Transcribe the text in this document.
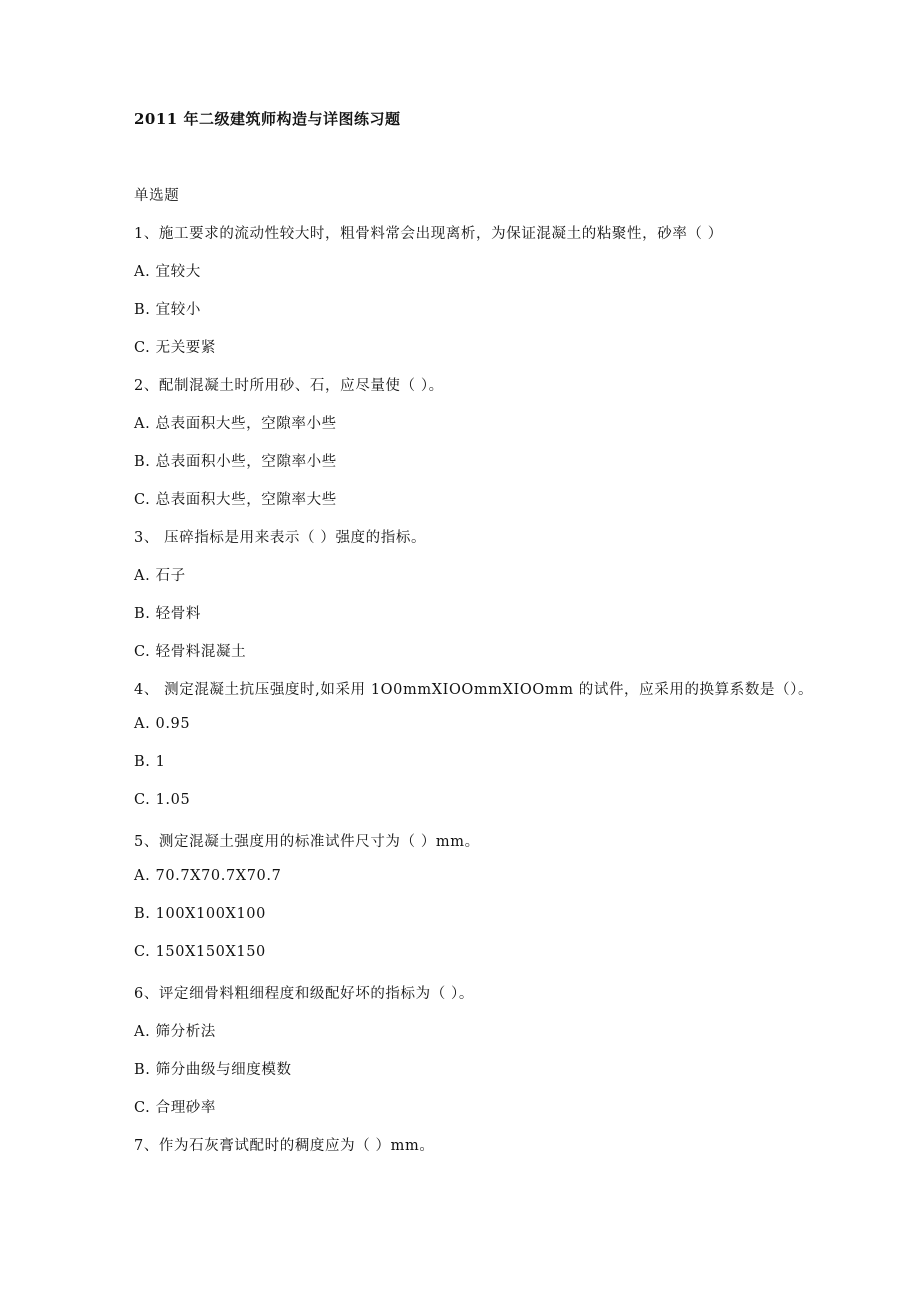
2011 年二级建筑师构造与详图练习题
单选题
1、施工要求的流动性较大时，粗骨料常会出现离析，为保证混凝土的粘聚性，砂率（ ）
A. 宜较大
B. 宜较小
C. 无关要紧
2、配制混凝土时所用砂、石，应尽量使（ ）。
A. 总表面积大些，空隙率小些
B. 总表面积小些，空隙率小些
C. 总表面积大些，空隙率大些
3、 压碎指标是用来表示（ ）强度的指标。
A. 石子
B. 轻骨料
C. 轻骨料混凝土
4、 测定混凝土抗压强度时,如采用 1O0mmXIOOmmXIOOmm 的试件，应采用的换算系数是（）。
A. 0.95
B. 1
C. 1.05
5、测定混凝土强度用的标准试件尺寸为（ ）mm。
A. 70.7X70.7X70.7
B. 100X100X100
C. 150X150X150
6、评定细骨料粗细程度和级配好坏的指标为（ ）。
A. 筛分析法
B. 筛分曲级与细度模数
C. 合理砂率
7、作为石灰膏试配时的稠度应为（ ）mm。
